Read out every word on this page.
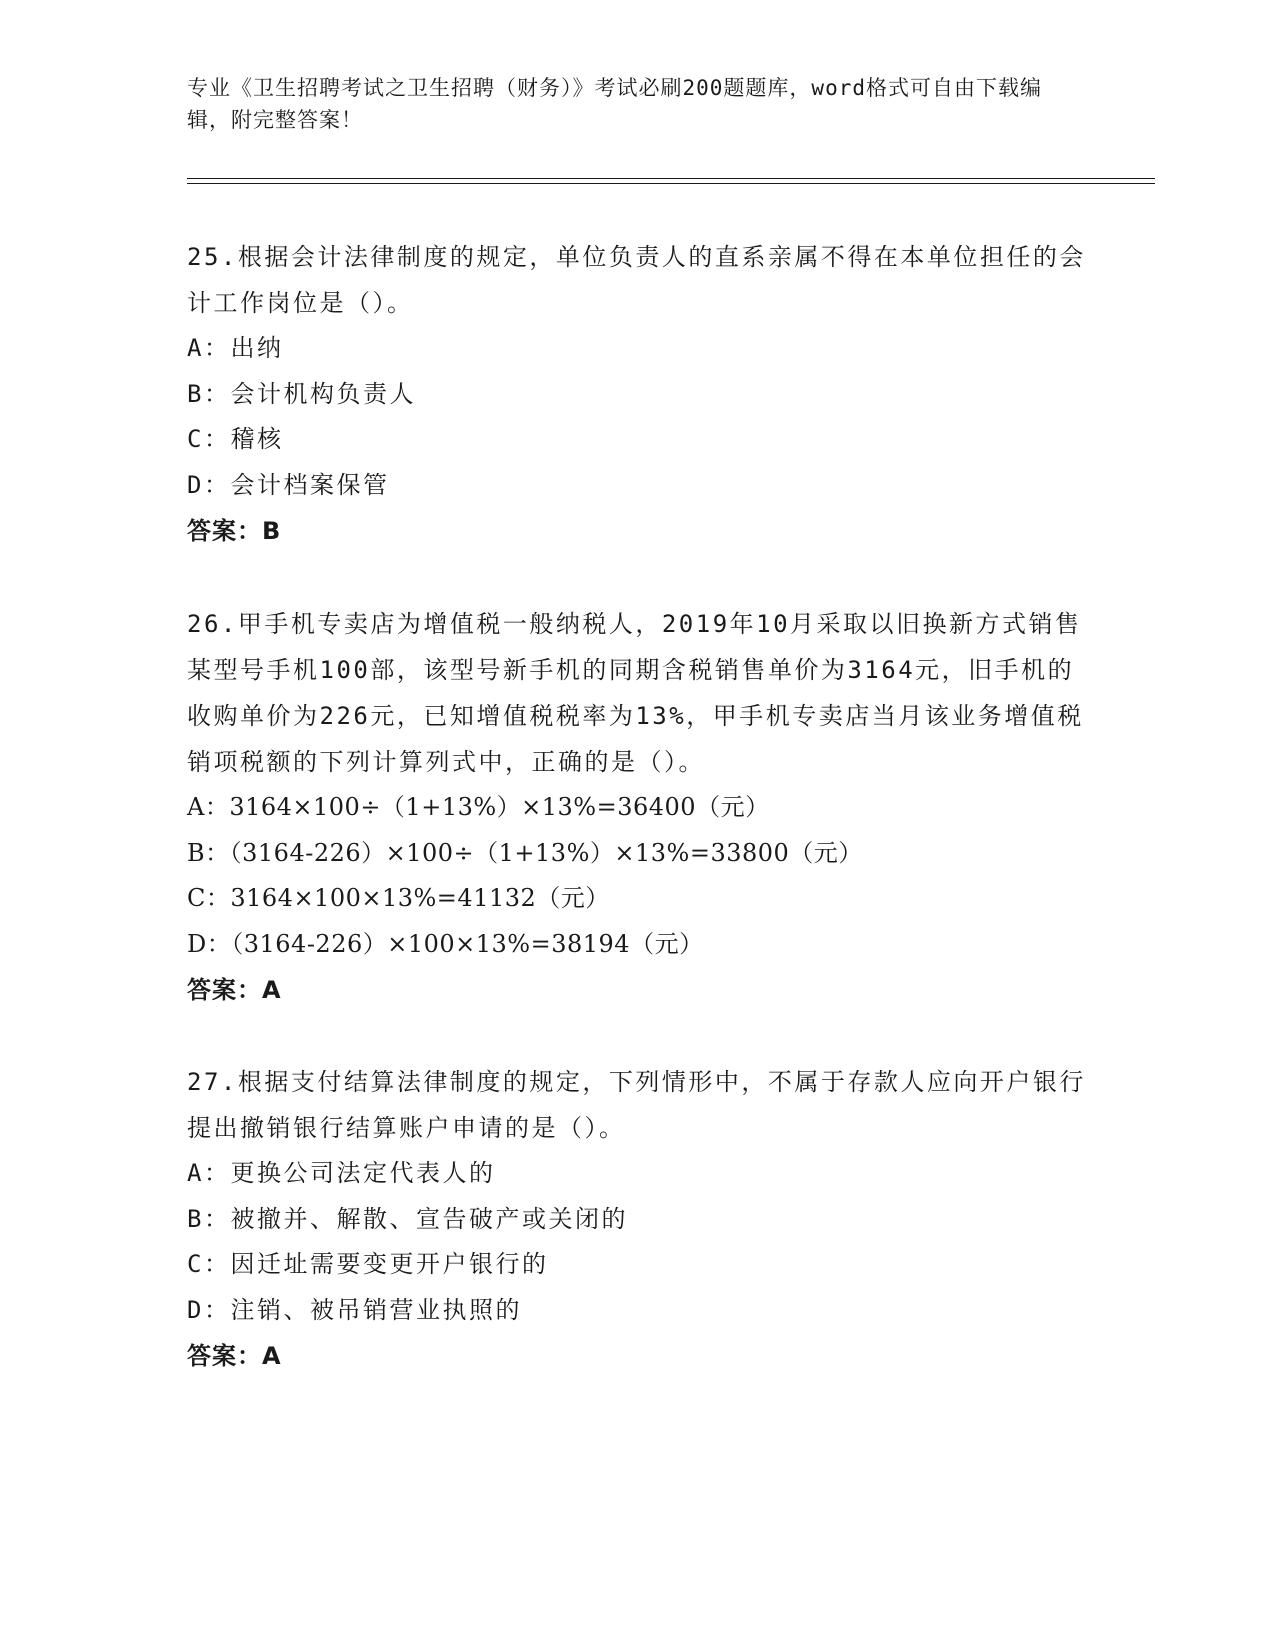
专业《卫生招聘考试之卫生招聘（财务）》考试必刷200题题库，word格式可自由下载编辑，附完整答案！
25.根据会计法律制度的规定，单位负责人的直系亲属不得在本单位担任的会计工作岗位是（）。
A：出纳
B：会计机构负责人
C：稽核
D：会计档案保管
答案：B
26.甲手机专卖店为增值税一般纳税人，2019年10月采取以旧换新方式销售某型号手机100部，该型号新手机的同期含税销售单价为3164元，旧手机的收购单价为226元，已知增值税税率为13%，甲手机专卖店当月该业务增值税销项税额的下列计算列式中，正确的是（）。
A：3164×100÷（1+13%）×13%=36400（元）
B：（3164-226）×100÷（1+13%）×13%=33800（元）
C：3164×100×13%=41132（元）
D：（3164-226）×100×13%=38194（元）
答案：A
27.根据支付结算法律制度的规定，下列情形中，不属于存款人应向开户银行提出撤销银行结算账户申请的是（）。
A：更换公司法定代表人的
B：被撤并、解散、宣告破产或关闭的
C：因迁址需要变更开户银行的
D：注销、被吊销营业执照的
答案：A
